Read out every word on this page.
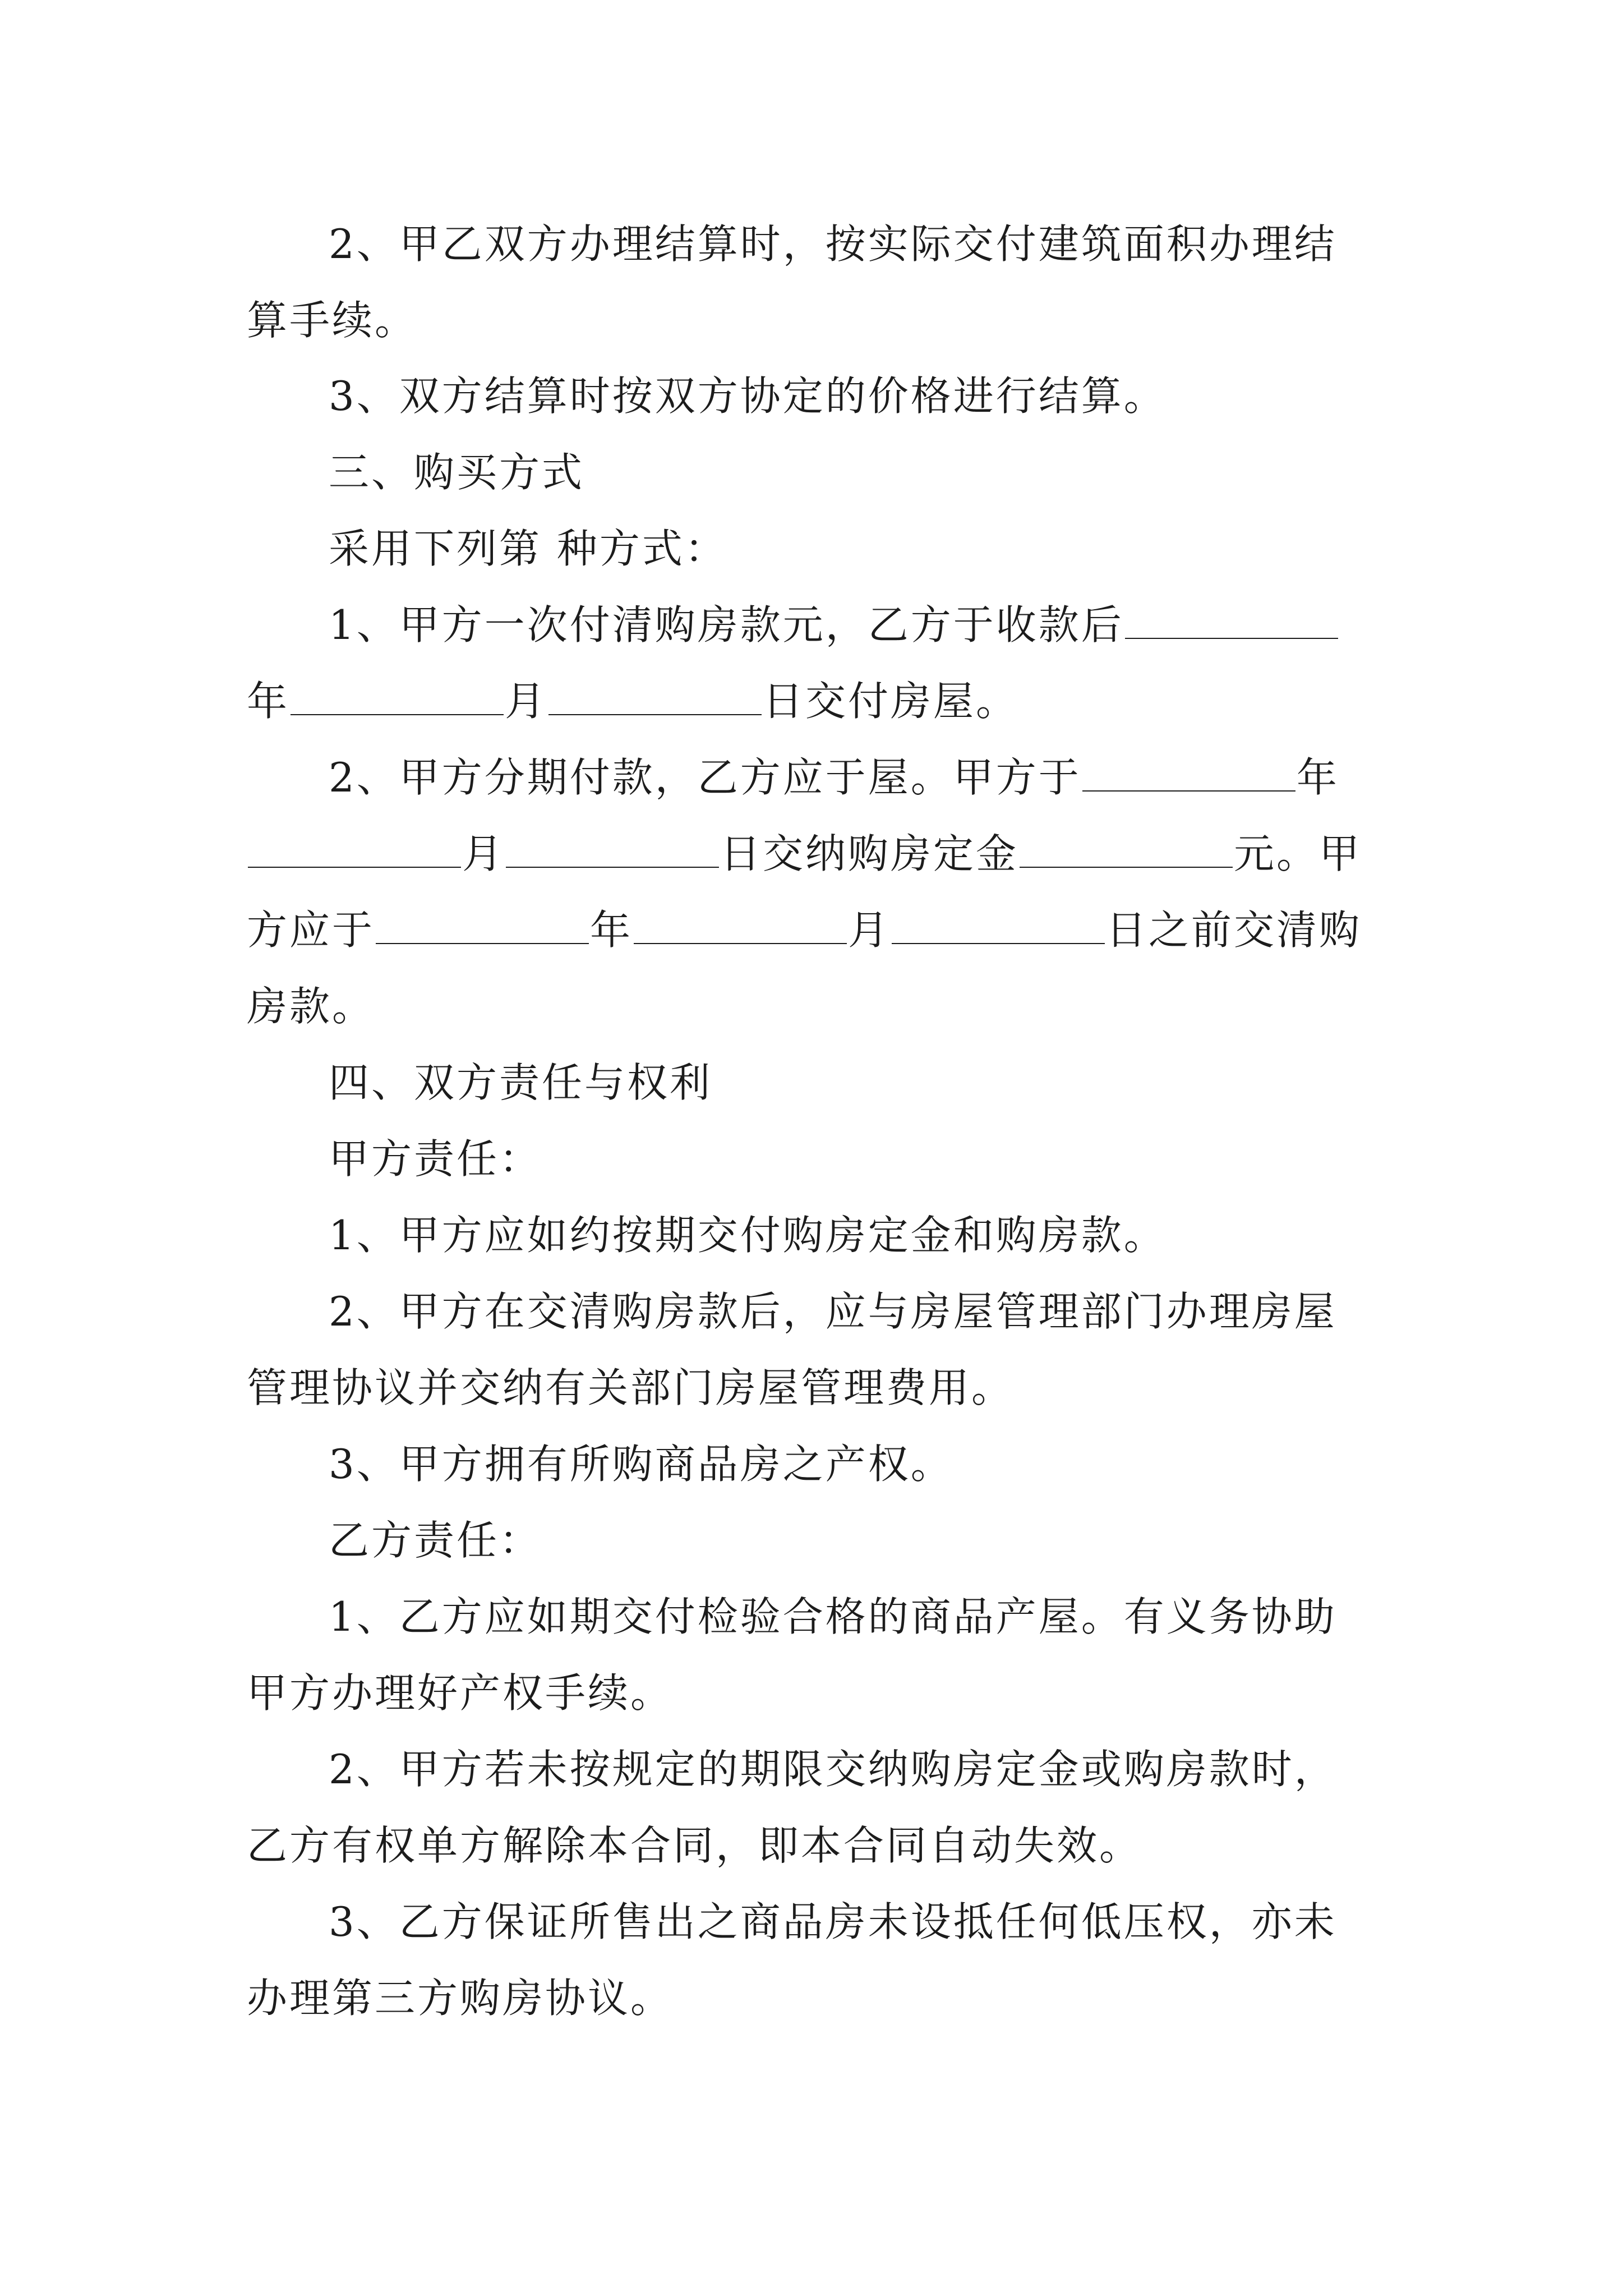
2、甲乙双方办理结算时，按实际交付建筑面积办理结
算手续。
3、双方结算时按双方协定的价格进行结算。
三、购买方式
采用下列第 种方式：
1、甲方一次付清购房款元，乙方于收款后
年	月	日交付房屋。
2、甲方分期付款，乙方应于屋。甲方于	年
月	日交纳购房定金	元。甲
方应于	年	月	日之前交清购
房款。
四、双方责任与权利
甲方责任：
1、甲方应如约按期交付购房定金和购房款。
2、甲方在交清购房款后，应与房屋管理部门办理房屋
管理协议并交纳有关部门房屋管理费用。
3、甲方拥有所购商品房之产权。
乙方责任：
1、乙方应如期交付检验合格的商品产屋。有义务协助
甲方办理好产权手续。
2、甲方若未按规定的期限交纳购房定金或购房款时，
乙方有权单方解除本合同，即本合同自动失效。
3、乙方保证所售出之商品房未设抵任何低压权，亦未
办理第三方购房协议。
